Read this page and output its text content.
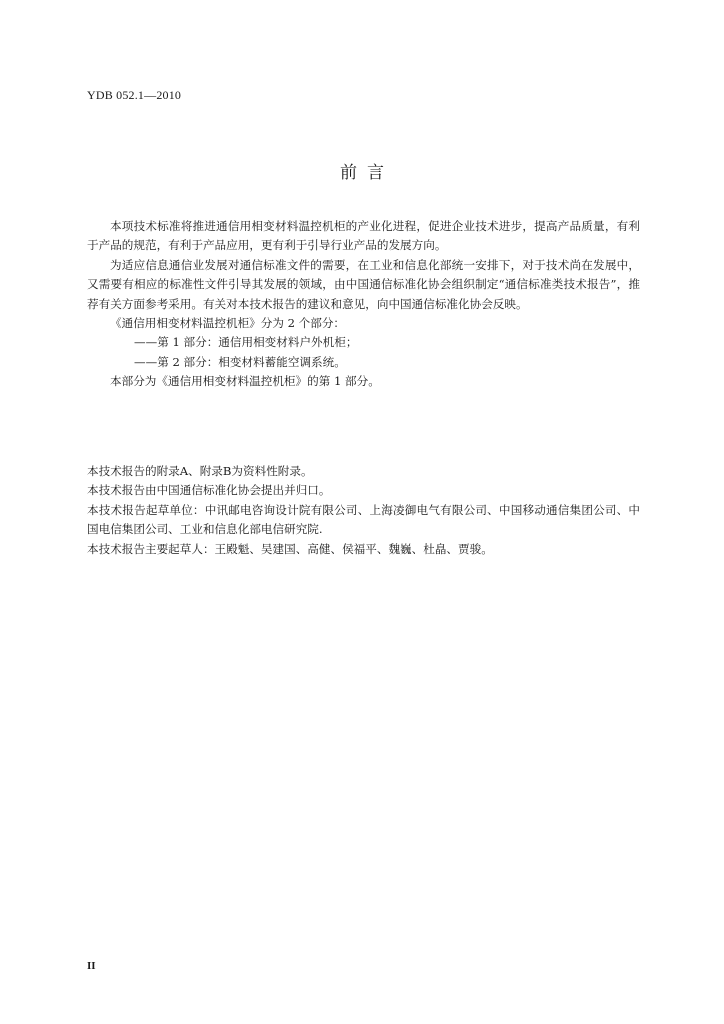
YDB 052.1—2010
前言

本项技术标准将推进通信用相变材料温控机柜的产业化进程，促进企业技术进步，提高产品质量，有利于产品的规范，有利于产品应用，更有利于引导行业产品的发展方向。

为适应信息通信业发展对通信标准文件的需要，在工业和信息化部统一安排下，对于技术尚在发展中，又需要有相应的标准性文件引导其发展的领域，由中国通信标准化协会组织制定“通信标准类技术报告”，推荐有关方面参考采用。有关对本技术报告的建议和意见，向中国通信标准化协会反映。

《通信用相变材料温控机柜》分为 2 个部分：

——第 1 部分：通信用相变材料户外机柜；

——第 2 部分：相变材料蓄能空调系统。

本部分为《通信用相变材料温控机柜》的第 1 部分。

本技术报告的附录A、附录B为资料性附录。

本技术报告由中国通信标准化协会提出并归口。

本技术报告起草单位：中讯邮电咨询设计院有限公司、上海凌御电气有限公司、中国移动通信集团公司、中国电信集团公司、工业和信息化部电信研究院.

本技术报告主要起草人：王殿魁、吴建国、高健、侯福平、魏巍、杜皛、贾骏。

II
